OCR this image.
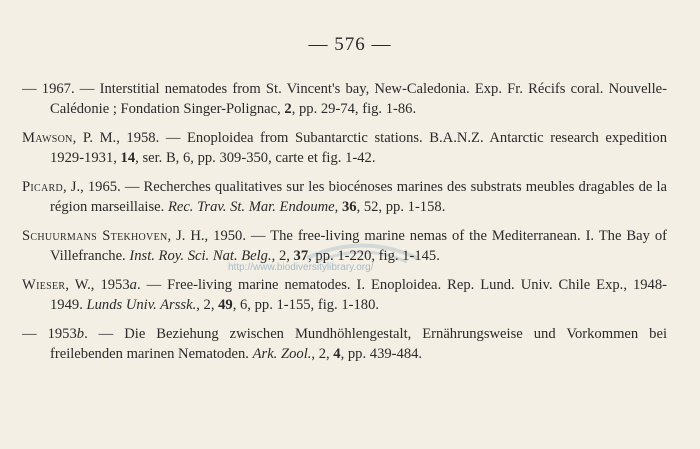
— 576 —
http://www.biodiversitylibrary.org/

— 1967. — Interstitial nematodes from St. Vincent's bay, New-Caledonia. Exp. Fr. Récifs coral. Nouvelle-Calédonie ; Fondation Singer-Polignac, 2, pp. 29-74, fig. 1-86.

Mawson, P. M., 1958. — Enoploidea from Subantarctic stations. B.A.N.Z. Antarctic research expedition 1929-1931, 14, ser. B, 6, pp. 309-350, carte et fig. 1-42.

Picard, J., 1965. — Recherches qualitatives sur les biocénoses marines des substrats meubles dragables de la région marseillaise. Rec. Trav. St. Mar. Endoume, 36, 52, pp. 1-158.

Schuurmans Stekhoven, J. H., 1950. — The free-living marine nemas of the Mediterranean. I. The Bay of Villefranche. Inst. Roy. Sci. Nat. Belg., 2, 37, pp. 1-220, fig. 1-145.

Wieser, W., 1953a. — Free-living marine nematodes. I. Enoploidea. Rep. Lund. Univ. Chile Exp., 1948-1949. Lunds Univ. Arssk., 2, 49, 6, pp. 1-155, fig. 1-180.

— 1953b. — Die Beziehung zwischen Mundhöhlengestalt, Ernährungsweise und Vorkommen bei freilebenden marinen Nematoden. Ark. Zool., 2, 4, pp. 439-484.
